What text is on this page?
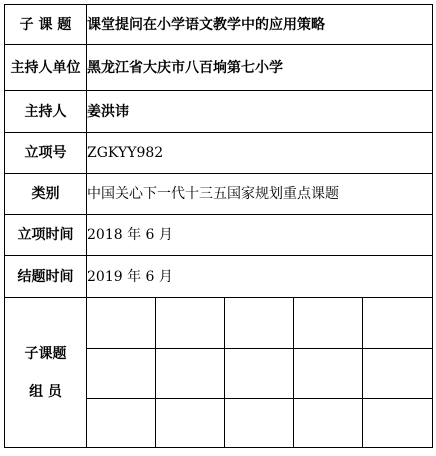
子 课 题	课堂提问在小学语文教学中的应用策略				
主持人单位	黑龙江省大庆市八百垧第七小学				
主持人	姜洪讳				
立项号	ZGKYY982				
类别	中国关心下一代十三五国家规划重点课题				
立项时间	2018 年 6 月				
结题时间	2019 年 6 月				

子课题
组 员					
